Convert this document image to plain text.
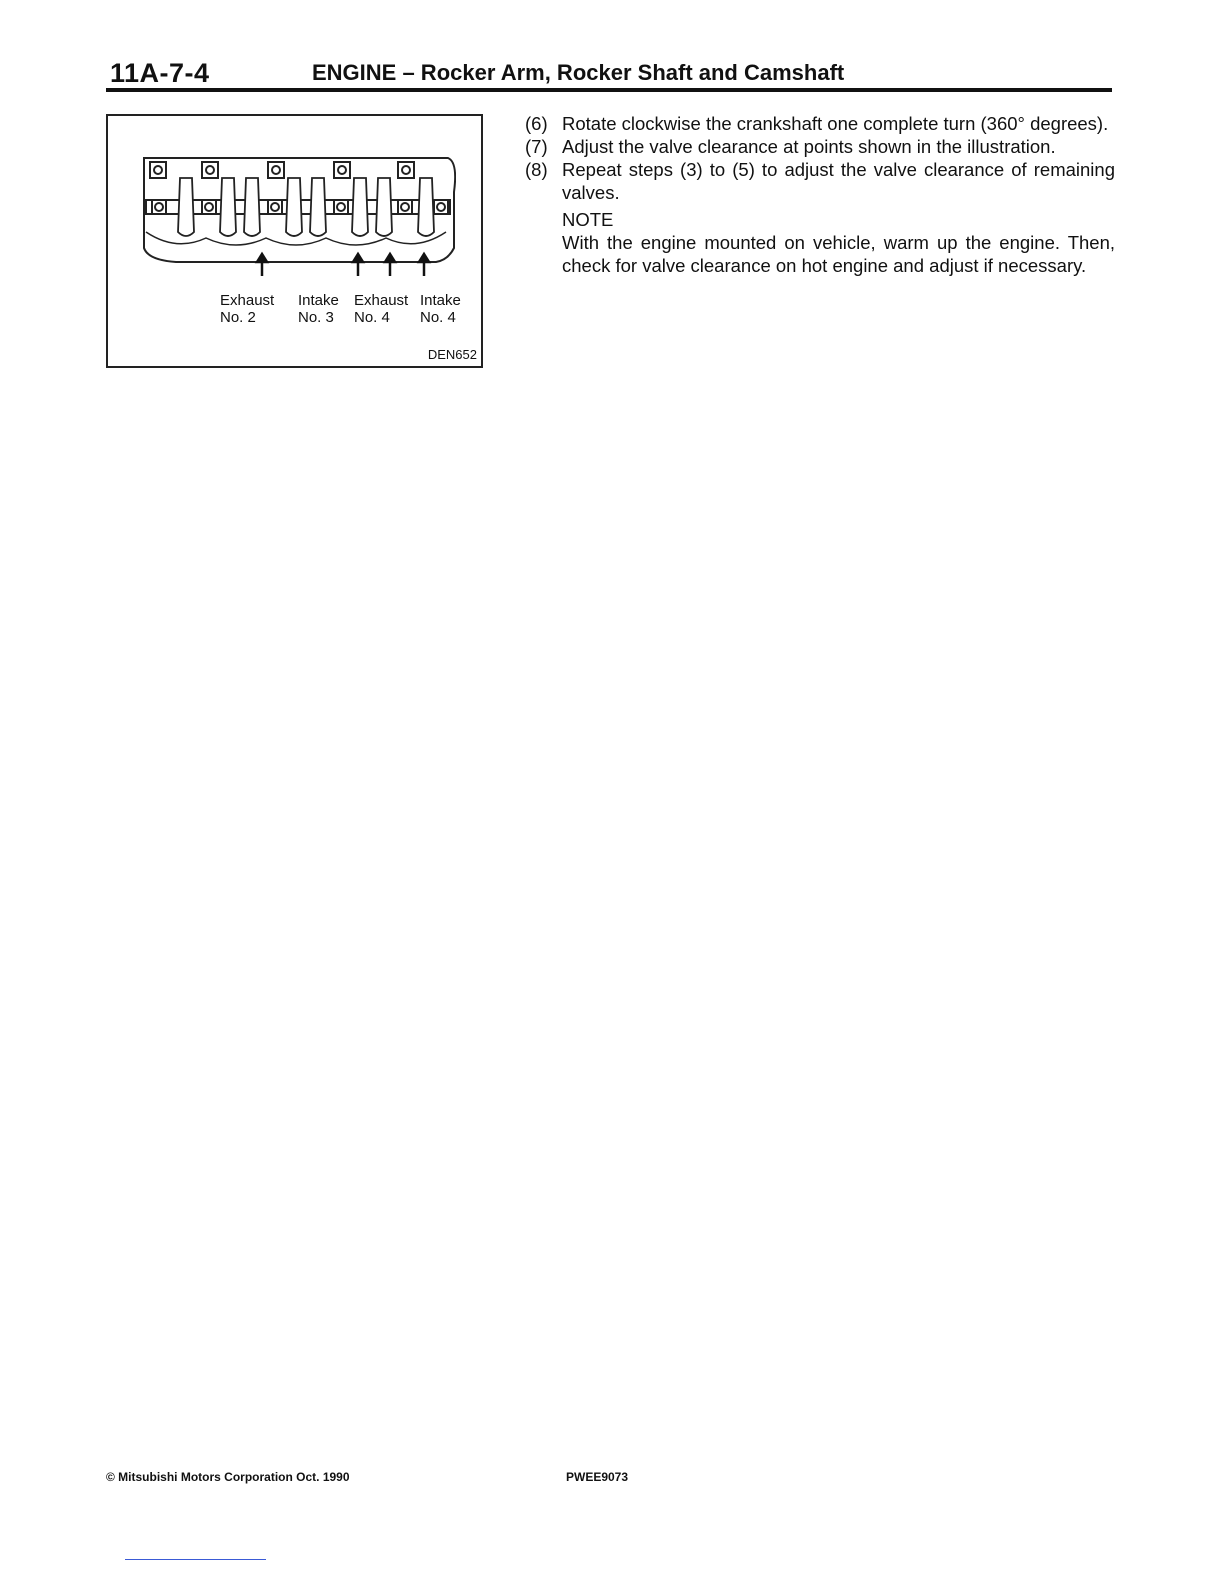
11A-7-4	ENGINE – Rocker Arm, Rocker Shaft and Camshaft
Exhaust
No. 2
Intake
No. 3
Exhaust
No. 4
Intake
No. 4
DEN652
(6) Rotate clockwise the crankshaft one complete turn (360° degrees).
(7) Adjust the valve clearance at points shown in the illustration.
(8) Repeat steps (3) to (5) to adjust the valve clearance of remaining valves.
NOTE
With the engine mounted on vehicle, warm up the engine. Then, check for valve clearance on hot engine and adjust if necessary.
© Mitsubishi Motors Corporation Oct. 1990	PWEE9073
